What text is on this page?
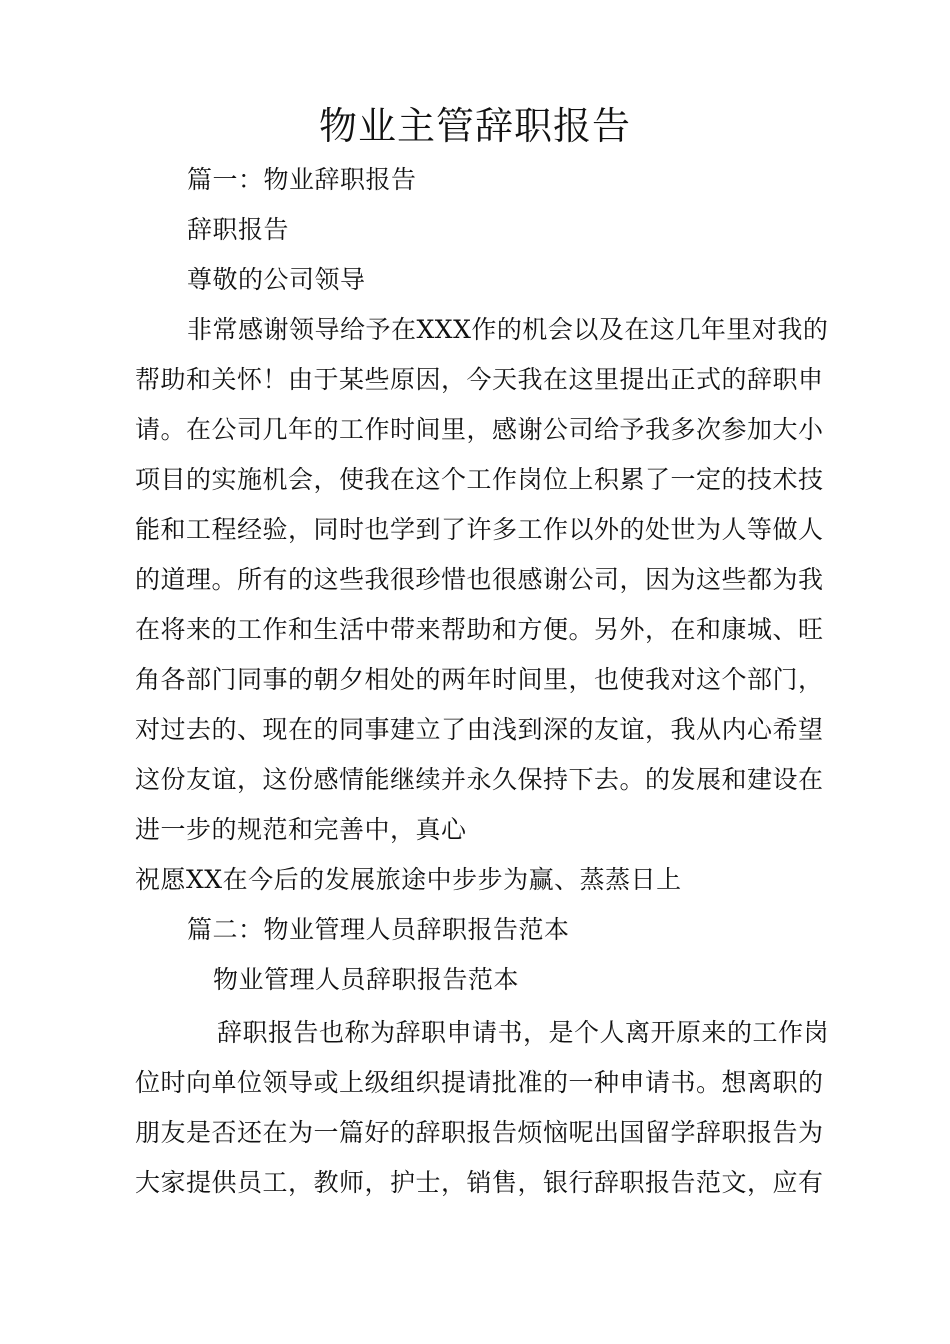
物业主管辞职报告
篇一：物业辞职报告
辞职报告
尊敬的公司领导
非常感谢领导给予在XXX作的机会以及在这几年里对我的
帮助和关怀！由于某些原因，今天我在这里提出正式的辞职申
请。在公司几年的工作时间里，感谢公司给予我多次参加大小
项目的实施机会，使我在这个工作岗位上积累了一定的技术技
能和工程经验，同时也学到了许多工作以外的处世为人等做人
的道理。所有的这些我很珍惜也很感谢公司，因为这些都为我
在将来的工作和生活中带来帮助和方便。另外，在和康城、旺
角各部门同事的朝夕相处的两年时间里，也使我对这个部门，
对过去的、现在的同事建立了由浅到深的友谊，我从内心希望
这份友谊，这份感情能继续并永久保持下去。的发展和建设在
进一步的规范和完善中，真心
祝愿XX在今后的发展旅途中步步为赢、蒸蒸日上
篇二：物业管理人员辞职报告范本
物业管理人员辞职报告范本
辞职报告也称为辞职申请书，是个人离开原来的工作岗
位时向单位领导或上级组织提请批准的一种申请书。想离职的
朋友是否还在为一篇好的辞职报告烦恼呢出国留学辞职报告为
大家提供员工，教师，护士，销售，银行辞职报告范文，应有
